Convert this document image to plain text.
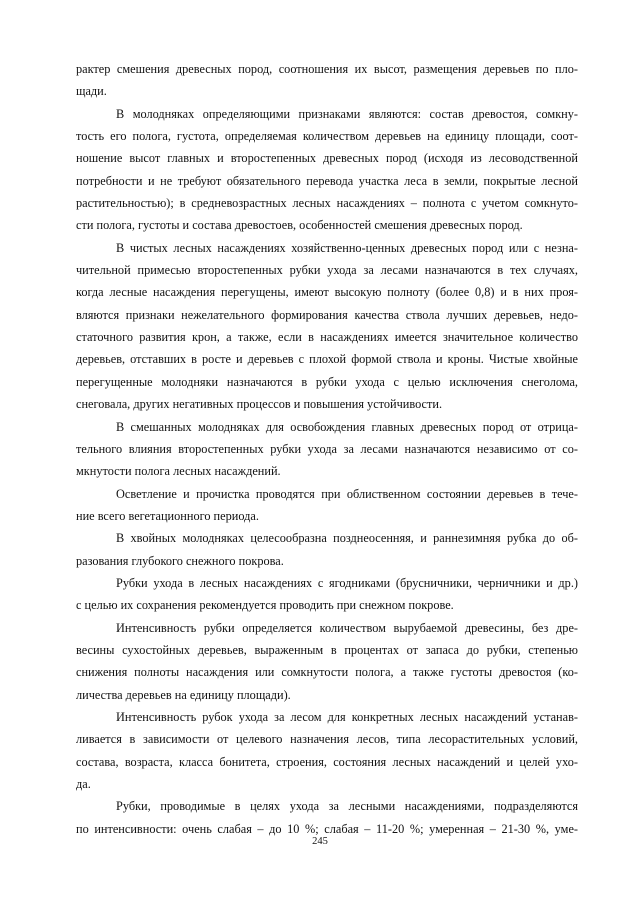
рактер смешения древесных пород, соотношения их высот, размещения деревьев по пло-
щади.
В молодняках определяющими признаками являются: состав древостоя, сомкну-
тость его полога, густота, определяемая количеством деревьев на единицу площади, соот-
ношение высот главных и второстепенных древесных пород (исходя из лесоводственной
потребности и не требуют обязательного перевода участка леса в земли, покрытые лесной
растительностью); в средневозрастных лесных насаждениях – полнота с учетом сомкнуто-
сти полога, густоты и состава древостоев, особенностей смешения древесных пород.
В чистых лесных насаждениях хозяйственно-ценных древесных пород или с незна-
чительной примесью второстепенных рубки ухода за лесами назначаются в тех случаях,
когда лесные насаждения перегущены, имеют высокую полноту (более 0,8) и в них проя-
вляются признаки нежелательного формирования качества ствола лучших деревьев, недо-
статочного развития крон, а также, если в насаждениях имеется значительное количество
деревьев, отставших в росте и деревьев с плохой формой ствола и кроны. Чистые хвойные
перегущенные молодняки назначаются в рубки ухода с целью исключения снеголома,
снеговала, других негативных процессов и повышения устойчивости.
В смешанных молодняках для освобождения главных древесных пород от отрица-
тельного влияния второстепенных рубки ухода за лесами назначаются независимо от со-
мкнутости полога лесных насаждений.
Осветление и прочистка проводятся при облиственном состоянии деревьев в тече-
ние всего вегетационного периода.
В хвойных молодняках целесообразна позднеосенняя, и раннезимняя рубка до об-
разования глубокого снежного покрова.
Рубки ухода в лесных насаждениях с ягодниками (брусничники, черничники и др.)
с целью их сохранения рекомендуется проводить при снежном покрове.
Интенсивность рубки определяется количеством вырубаемой древесины, без дре-
весины сухостойных деревьев, выраженным в процентах от запаса до рубки, степенью
снижения полноты насаждения или сомкнутости полога, а также густоты древостоя (ко-
личества деревьев на единицу площади).
Интенсивность рубок ухода за лесом для конкретных лесных насаждений устанав-
ливается в зависимости от целевого назначения лесов, типа лесорастительных условий,
состава, возраста, класса бонитета, строения, состояния лесных насаждений и целей ухо-
да.
Рубки, проводимые в целях ухода за лесными насаждениями, подразделяются
по интенсивности: очень слабая – до 10 %; слабая – 11-20 %; умеренная – 21-30 %, уме-
245
